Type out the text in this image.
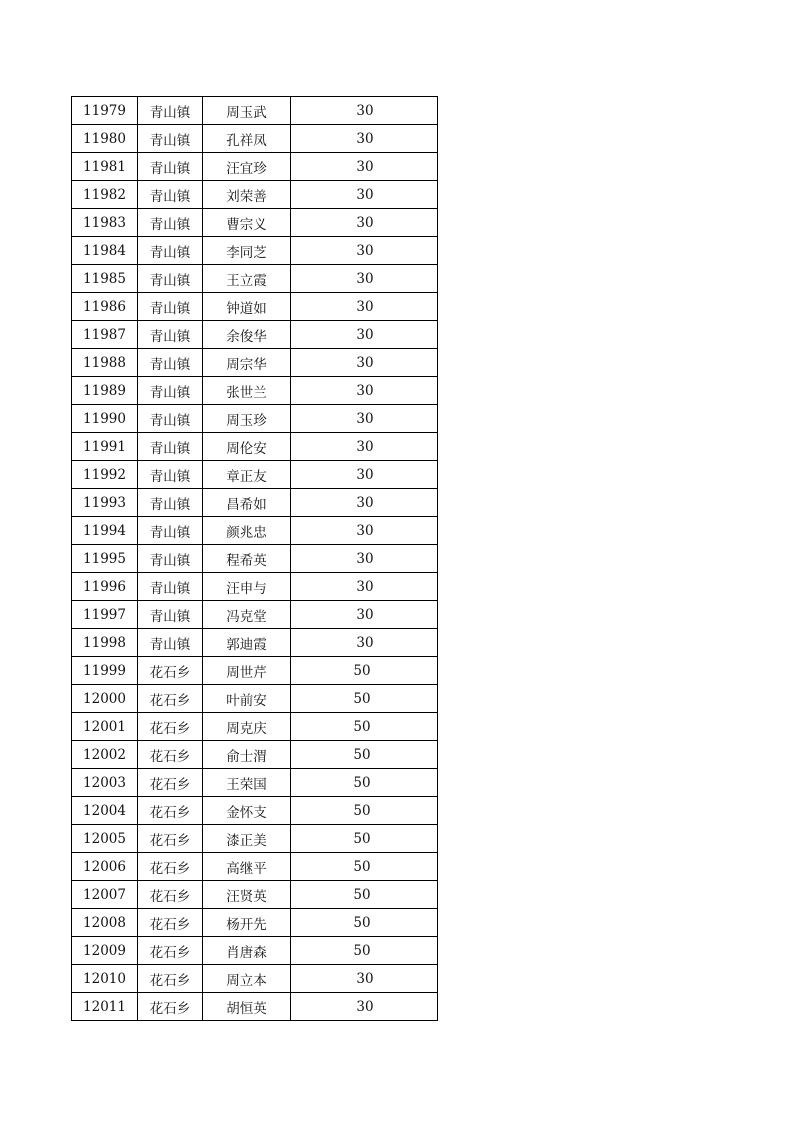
11979	青山镇	周玉武	30
11980	青山镇	孔祥凤	30
11981	青山镇	汪宜珍	30
11982	青山镇	刘荣善	30
11983	青山镇	曹宗义	30
11984	青山镇	李同芝	30
11985	青山镇	王立霞	30
11986	青山镇	钟道如	30
11987	青山镇	余俊华	30
11988	青山镇	周宗华	30
11989	青山镇	张世兰	30
11990	青山镇	周玉珍	30
11991	青山镇	周伦安	30
11992	青山镇	章正友	30
11993	青山镇	昌希如	30
11994	青山镇	颜兆忠	30
11995	青山镇	程希英	30
11996	青山镇	汪申与	30
11997	青山镇	冯克堂	30
11998	青山镇	郭迪霞	30
11999	花石乡	周世芹	50
12000	花石乡	叶前安	50
12001	花石乡	周克庆	50
12002	花石乡	俞士渭	50
12003	花石乡	王荣国	50
12004	花石乡	金怀支	50
12005	花石乡	漆正美	50
12006	花石乡	高继平	50
12007	花石乡	汪贤英	50
12008	花石乡	杨开先	50
12009	花石乡	肖唐森	50
12010	花石乡	周立本	30
12011	花石乡	胡恒英	30
